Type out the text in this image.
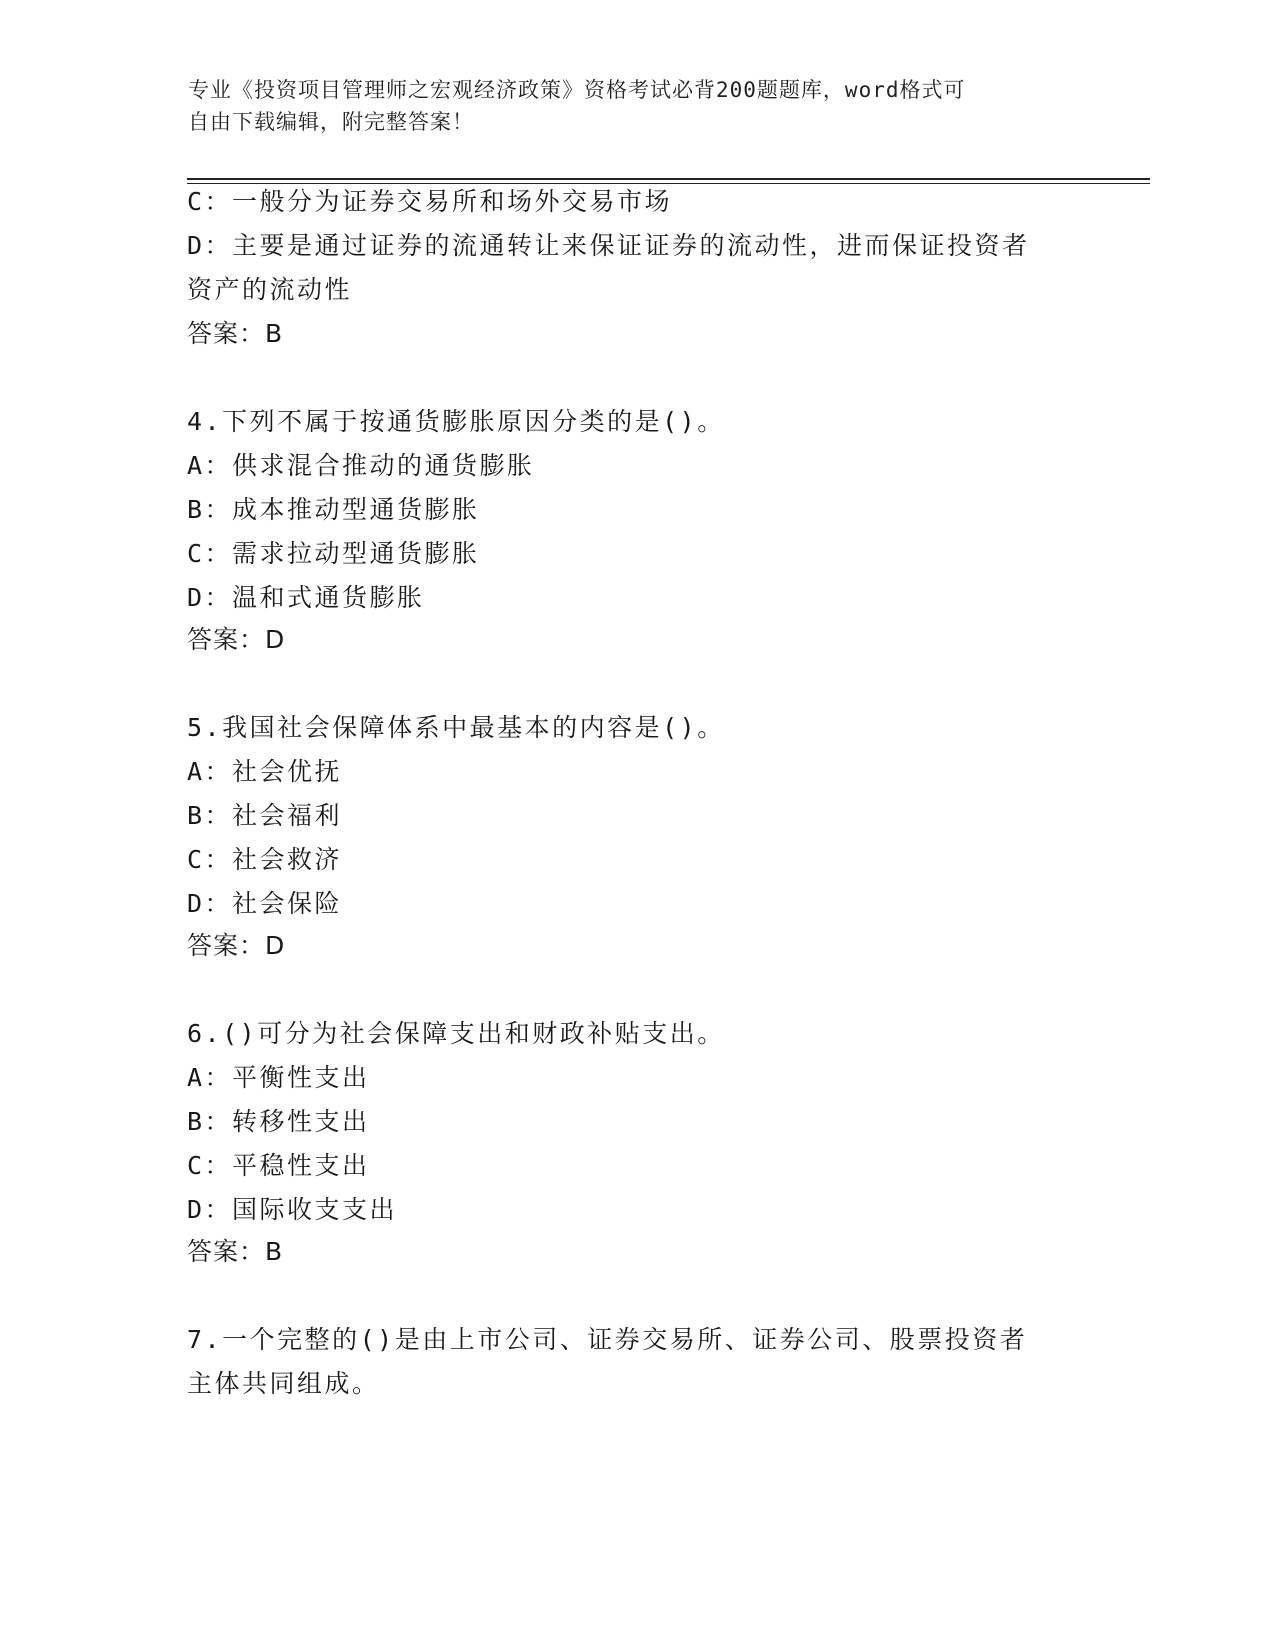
专业《投资项目管理师之宏观经济政策》资格考试必背200题题库，word格式可
自由下载编辑，附完整答案！
C：一般分为证券交易所和场外交易市场
D：主要是通过证券的流通转让来保证证券的流动性，进而保证投资者
资产的流动性
答案：B
4.下列不属于按通货膨胀原因分类的是()。
A：供求混合推动的通货膨胀
B：成本推动型通货膨胀
C：需求拉动型通货膨胀
D：温和式通货膨胀
答案：D
5.我国社会保障体系中最基本的内容是()。
A：社会优抚
B：社会福利
C：社会救济
D：社会保险
答案：D
6.()可分为社会保障支出和财政补贴支出。
A：平衡性支出
B：转移性支出
C：平稳性支出
D：国际收支支出
答案：B
7.一个完整的()是由上市公司、证券交易所、证券公司、股票投资者
主体共同组成。
